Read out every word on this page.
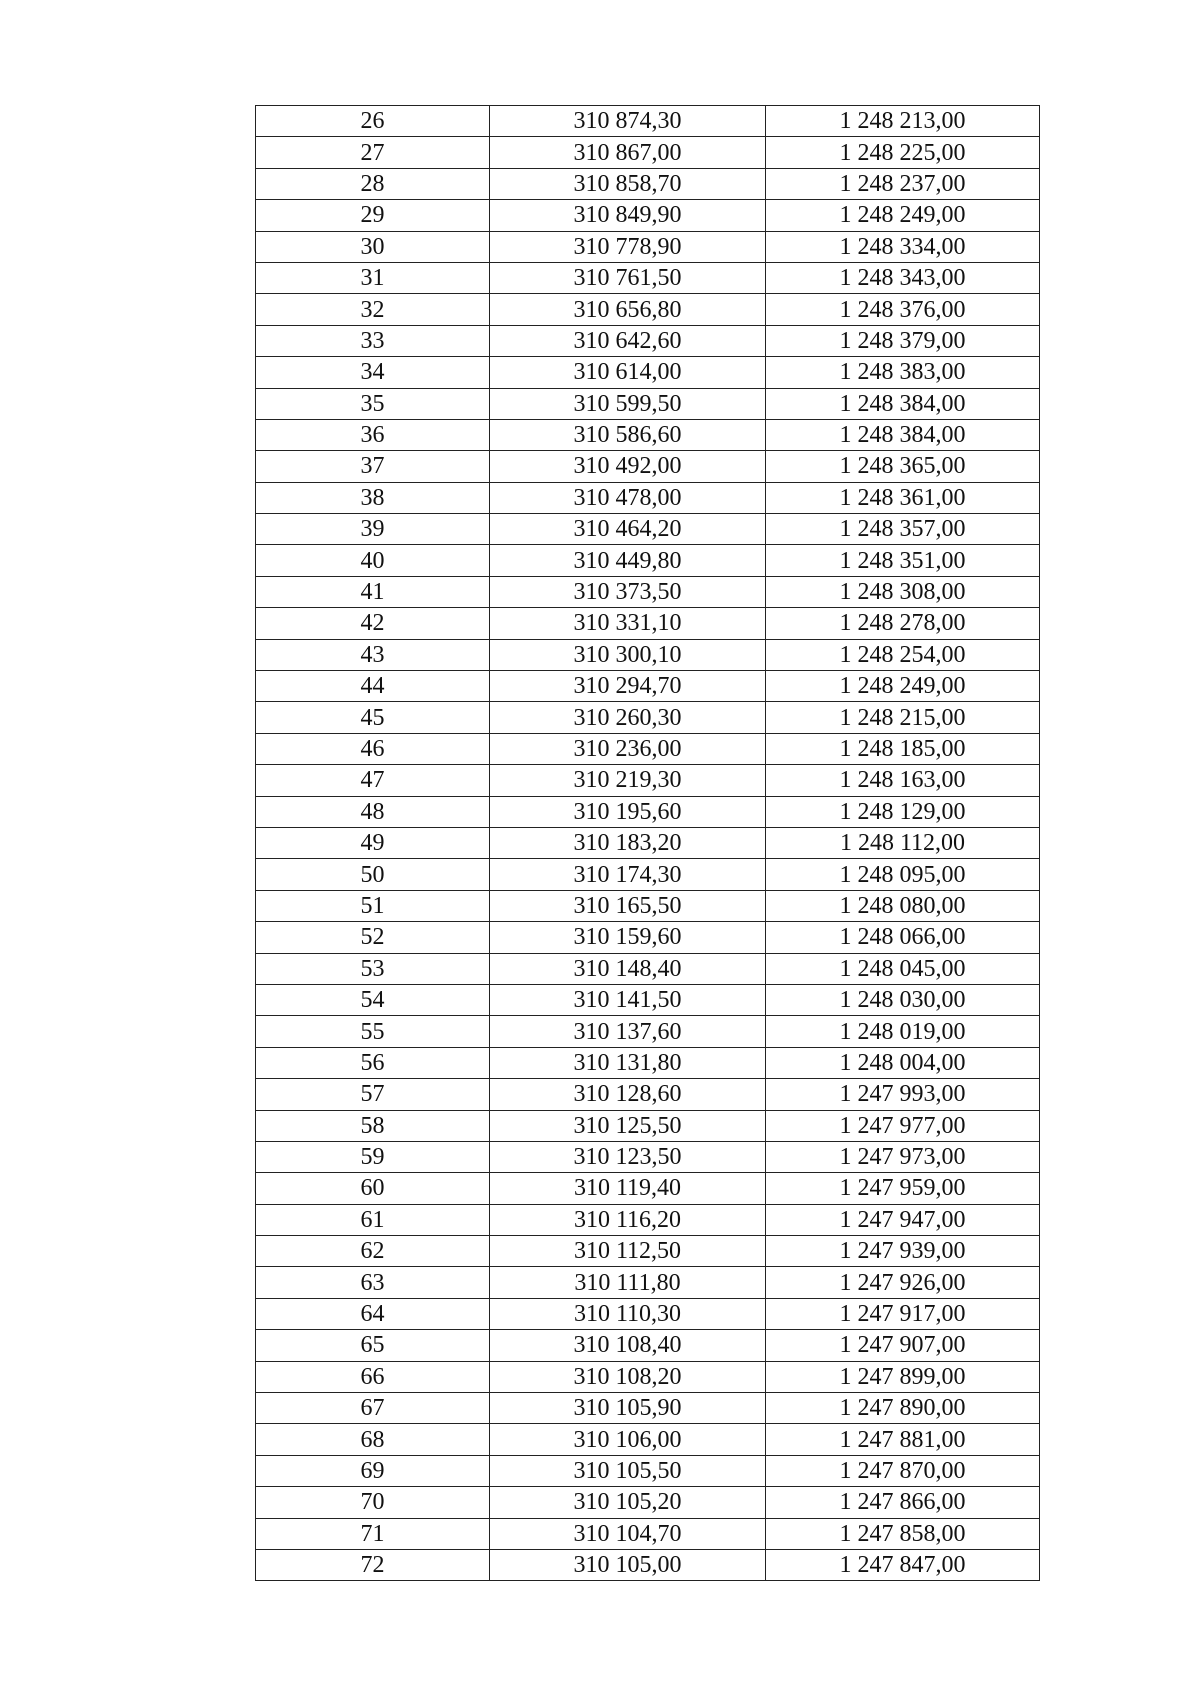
26	310 874,30	1 248 213,00
27	310 867,00	1 248 225,00
28	310 858,70	1 248 237,00
29	310 849,90	1 248 249,00
30	310 778,90	1 248 334,00
31	310 761,50	1 248 343,00
32	310 656,80	1 248 376,00
33	310 642,60	1 248 379,00
34	310 614,00	1 248 383,00
35	310 599,50	1 248 384,00
36	310 586,60	1 248 384,00
37	310 492,00	1 248 365,00
38	310 478,00	1 248 361,00
39	310 464,20	1 248 357,00
40	310 449,80	1 248 351,00
41	310 373,50	1 248 308,00
42	310 331,10	1 248 278,00
43	310 300,10	1 248 254,00
44	310 294,70	1 248 249,00
45	310 260,30	1 248 215,00
46	310 236,00	1 248 185,00
47	310 219,30	1 248 163,00
48	310 195,60	1 248 129,00
49	310 183,20	1 248 112,00
50	310 174,30	1 248 095,00
51	310 165,50	1 248 080,00
52	310 159,60	1 248 066,00
53	310 148,40	1 248 045,00
54	310 141,50	1 248 030,00
55	310 137,60	1 248 019,00
56	310 131,80	1 248 004,00
57	310 128,60	1 247 993,00
58	310 125,50	1 247 977,00
59	310 123,50	1 247 973,00
60	310 119,40	1 247 959,00
61	310 116,20	1 247 947,00
62	310 112,50	1 247 939,00
63	310 111,80	1 247 926,00
64	310 110,30	1 247 917,00
65	310 108,40	1 247 907,00
66	310 108,20	1 247 899,00
67	310 105,90	1 247 890,00
68	310 106,00	1 247 881,00
69	310 105,50	1 247 870,00
70	310 105,20	1 247 866,00
71	310 104,70	1 247 858,00
72	310 105,00	1 247 847,00
